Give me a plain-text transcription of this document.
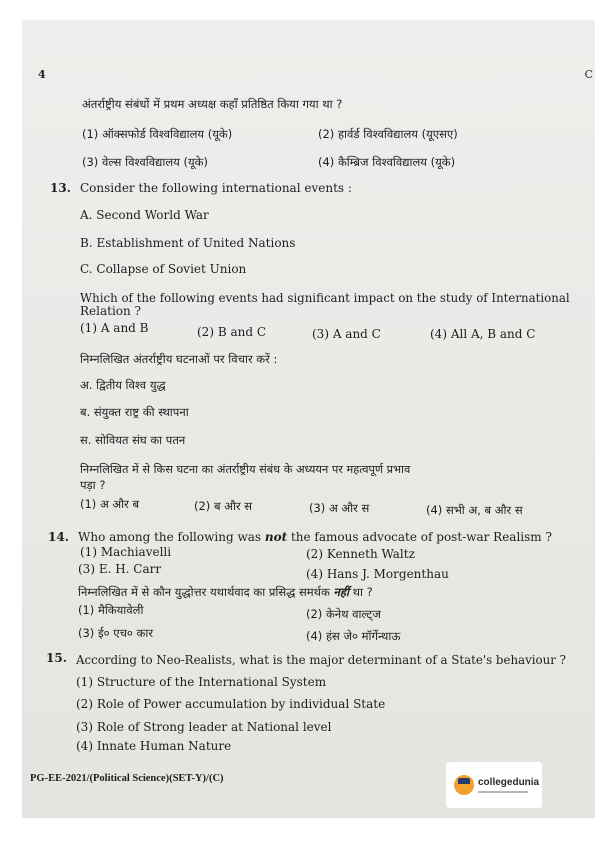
4	C
अंतर्राष्ट्रीय संबंधों में प्रथम अध्यक्ष कहाँ प्रतिष्ठित किया गया था ?
(1) ऑक्सफोर्ड विश्वविद्यालय (यूके)	(2) हार्वर्ड विश्वविद्यालय (यूएसए)
(3) वेल्स विश्वविद्यालय (यूके)	(4) कैम्ब्रिज विश्वविद्यालय (यूके)
13. Consider the following international events :
A. Second World War
B. Establishment of United Nations
C. Collapse of Soviet Union
Which of the following events had significant impact on the study of International
Relation ?
(1) A and B	(2) B and C	(3) A and C	(4) All A, B and C
निम्नलिखित अंतर्राष्ट्रीय घटनाओं पर विचार करें :
अ. द्वितीय विश्व युद्ध
ब. संयुक्त राष्ट्र की स्थापना
स. सोवियत संघ का पतन
निम्नलिखित में से किस घटना का अंतर्राष्ट्रीय संबंध के अध्ययन पर महत्वपूर्ण प्रभाव
पड़ा ?
(1) अ और ब	(2) ब और स	(3) अ और स	(4) सभी अ, ब और स
14. Who among the following was not the famous advocate of post-war Realism ?
(1) Machiavelli	(2) Kenneth Waltz
(3) E. H. Carr	(4) Hans J. Morgenthau
निम्नलिखित में से कौन युद्धोत्तर यथार्थवाद का प्रसिद्ध समर्थक नहीं था ?
(1) मैकियावेली	(2) केनेथ वाल्ट्ज
(3) ई० एच० कार	(4) हंस जे० मॉर्गेन्थाऊ
15. According to Neo-Realists, what is the major determinant of a State's behaviour ?
(1) Structure of the International System
(2) Role of Power accumulation by individual State
(3) Role of Strong leader at National level
(4) Innate Human Nature
PG-EE-2021/(Political Science)(SET-Y)/(C)	collegedunia
